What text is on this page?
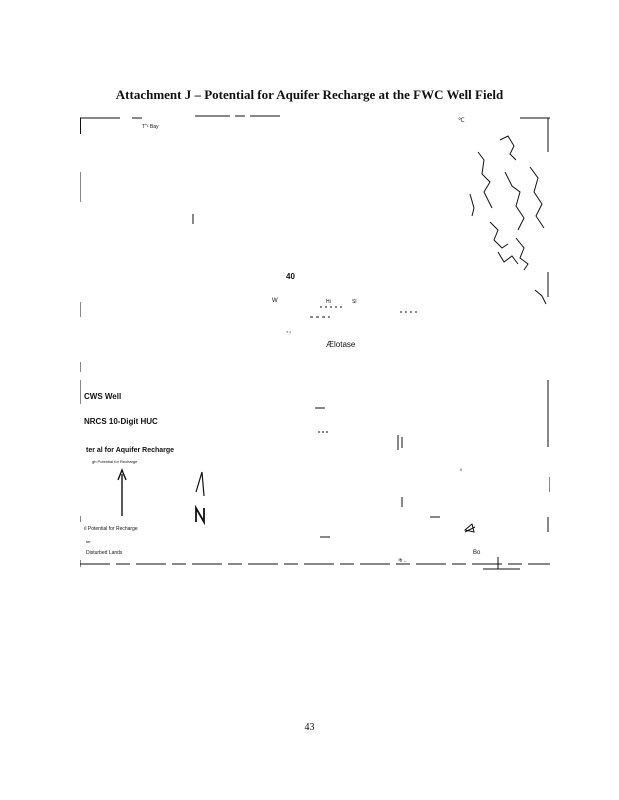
Attachment J – Potential for Aquifer Recharge at the FWC Well Field
T"¹ Bay
℃
40
W	Hi	Sl
"ᶠ͵ᵖ
Ælotase
ᴵᴵ
Bo
³h ..
CWS Well
NRCS 10-Digit HUC
ter al for Aquifer Recharge
gh Potential for Recharge
ıl Potential for Recharge
ter
Disturbed Lands
43
